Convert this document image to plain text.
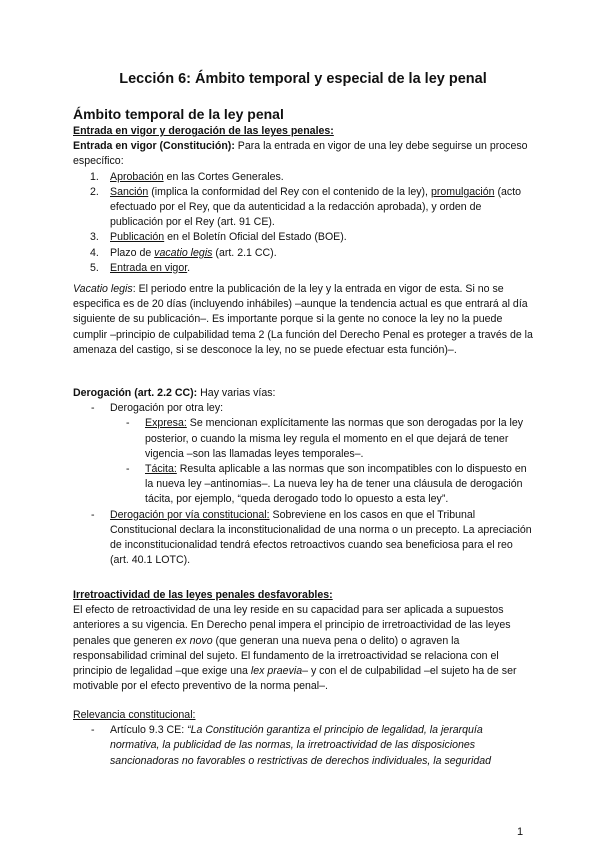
Lección 6: Ámbito temporal y especial de la ley penal
Ámbito temporal de la ley penal

Entrada en vigor y derogación de las leyes penales:

Entrada en vigor (Constitución): Para la entrada en vigor de una ley debe seguirse un proceso específico:

1. Aprobación en las Cortes Generales.
2. Sanción (implica la conformidad del Rey con el contenido de la ley), promulgación (acto efectuado por el Rey, que da autenticidad a la redacción aprobada), y orden de publicación por el Rey (art. 91 CE).
3. Publicación en el Boletín Oficial del Estado (BOE).
4. Plazo de vacatio legis (art. 2.1 CC).
5. Entrada en vigor.

Vacatio legis: El periodo entre la publicación de la ley y la entrada en vigor de esta. Si no se especifica es de 20 días (incluyendo inhábiles) –aunque la tendencia actual es que entrará al día siguiente de su publicación–. Es importante porque si la gente no conoce la ley no la puede cumplir –principio de culpabilidad tema 2 (La función del Derecho Penal es proteger a través de la amenaza del castigo, si se desconoce la ley, no se puede efectuar esta función)–.

Derogación (art. 2.2 CC): Hay varias vías:

- Derogación por otra ley:
- Expresa: Se mencionan explícitamente las normas que son derogadas por la ley posterior, o cuando la misma ley regula el momento en el que dejará de tener vigencia –son las llamadas leyes temporales–.
- Tácita: Resulta aplicable a las normas que son incompatibles con lo dispuesto en la nueva ley –antinomias–. La nueva ley ha de tener una cláusula de derogación tácita, por ejemplo, “queda derogado todo lo opuesto a esta ley”.
- Derogación por vía constitucional: Sobreviene en los casos en que el Tribunal Constitucional declara la inconstitucionalidad de una norma o un precepto. La apreciación de inconstitucionalidad tendrá efectos retroactivos cuando sea beneficiosa para el reo (art. 40.1 LOTC).

Irretroactividad de las leyes penales desfavorables:

El efecto de retroactividad de una ley reside en su capacidad para ser aplicada a supuestos anteriores a su vigencia. En Derecho penal impera el principio de irretroactividad de las leyes penales que generen ex novo (que generan una nueva pena o delito) o agraven la responsabilidad criminal del sujeto. El fundamento de la irretroactividad se relaciona con el principio de legalidad –que exige una lex praevia– y con el de culpabilidad –el sujeto ha de ser motivable por el efecto preventivo de la norma penal–.

Relevancia constitucional:

- Artículo 9.3 CE: “La Constitución garantiza el principio de legalidad, la jerarquía normativa, la publicidad de las normas, la irretroactividad de las disposiciones sancionadoras no favorables o restrictivas de derechos individuales, la seguridad
1
